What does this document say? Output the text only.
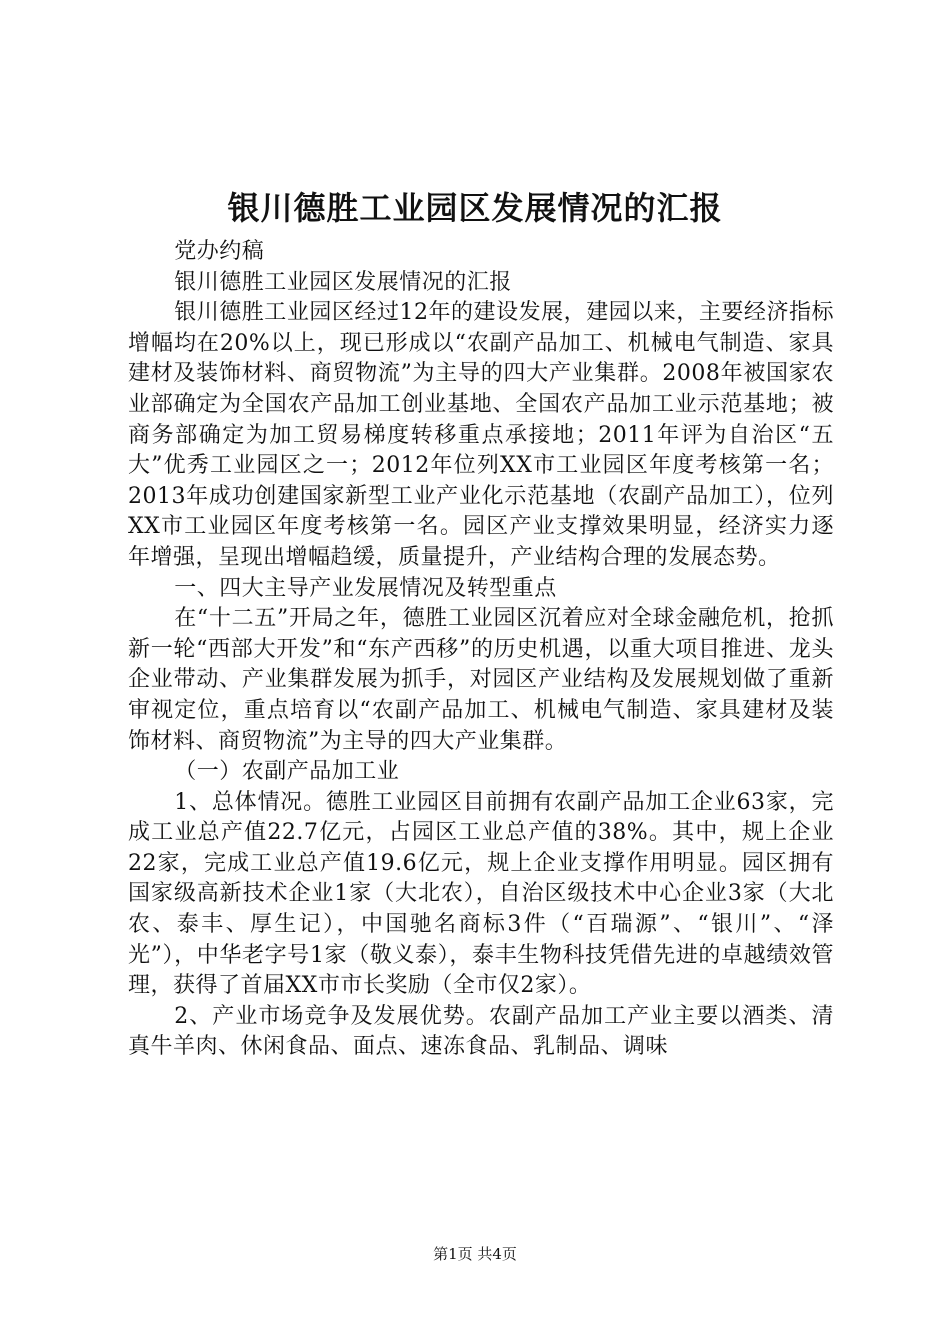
银川德胜工业园区发展情况的汇报

党办约稿

银川德胜工业园区发展情况的汇报

银川德胜工业园区经过12年的建设发展，建园以来，主要经济指标增幅均在20%以上，现已形成以“农副产品加工、机械电气制造、家具建材及装饰材料、商贸物流”为主导的四大产业集群。2008年被国家农业部确定为全国农产品加工创业基地、全国农产品加工业示范基地；被商务部确定为加工贸易梯度转移重点承接地；2011年评为自治区“五大”优秀工业园区之一；2012年位列XX市工业园区年度考核第一名；2013年成功创建国家新型工业产业化示范基地（农副产品加工），位列XX市工业园区年度考核第一名。园区产业支撑效果明显，经济实力逐年增强，呈现出增幅趋缓，质量提升，产业结构合理的发展态势。

一、四大主导产业发展情况及转型重点

在“十二五”开局之年，德胜工业园区沉着应对全球金融危机，抢抓新一轮“西部大开发”和“东产西移”的历史机遇，以重大项目推进、龙头企业带动、产业集群发展为抓手，对园区产业结构及发展规划做了重新审视定位，重点培育以“农副产品加工、机械电气制造、家具建材及装饰材料、商贸物流”为主导的四大产业集群。

（一）农副产品加工业

1、总体情况。德胜工业园区目前拥有农副产品加工企业63家，完成工业总产值22.7亿元，占园区工业总产值的38%。其中，规上企业22家，完成工业总产值19.6亿元，规上企业支撑作用明显。园区拥有国家级高新技术企业1家（大北农），自治区级技术中心企业3家（大北农、泰丰、厚生记），中国驰名商标3件（“百瑞源”、“银川”、“泽光”），中华老字号1家（敬义泰），泰丰生物科技凭借先进的卓越绩效管理，获得了首届XX市市长奖励（全市仅2家）。

2、产业市场竞争及发展优势。农副产品加工产业主要以酒类、清真牛羊肉、休闲食品、面点、速冻食品、乳制品、调味

第1页 共4页
